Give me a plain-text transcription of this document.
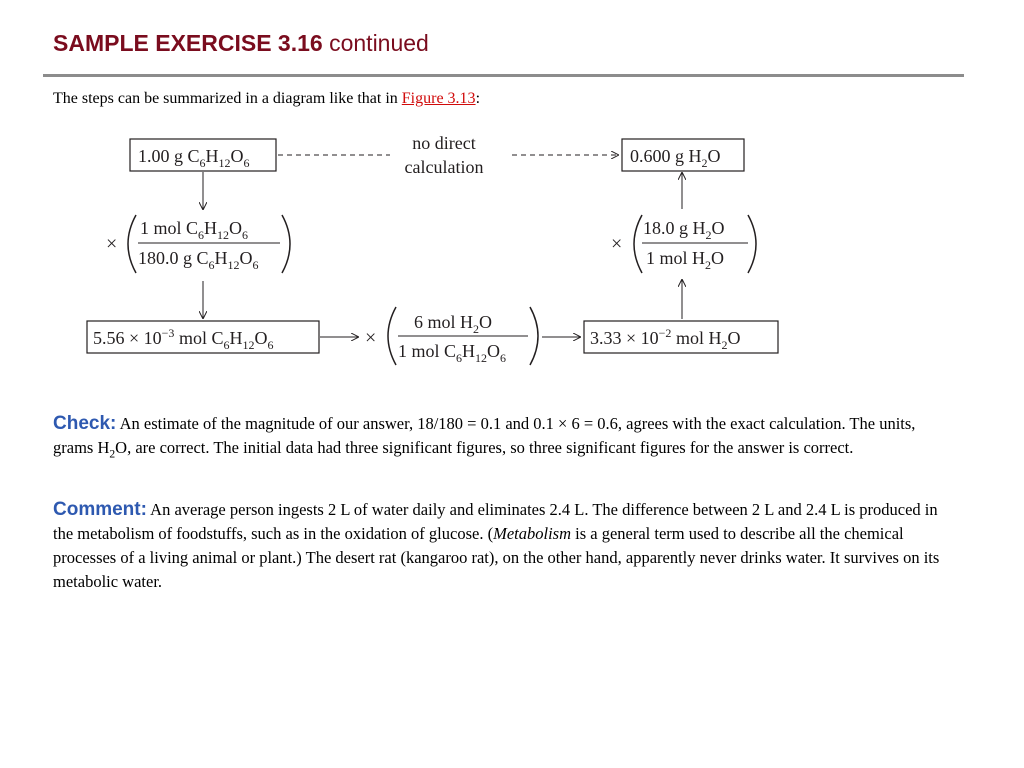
SAMPLE EXERCISE 3.16 continued
The steps can be summarized in a diagram like that in Figure 3.13:
1.00 g $C_6H_{12}O_6$
no direct
calculation
0.600 g $H_2O$
×
1 mol $C_6H_{12}O_6$
180.0 g $C_6H_{12}O_6$
$5.56 \times 10^{-3}$ mol $C_6H_{12}O_6$	×
6 mol $H_2O$
1 mol $C_6H_{12}O_6$
$3.33 \times 10^{-2}$ mol $H_2O$
×
18.0 g $H_2O$
1 mol $H_2O$
Check: An estimate of the magnitude of our answer, 18/180 = 0.1 and 0.1 × 6 = 0.6, agrees with the exact calculation. The units, grams $H_2O$, are correct. The initial data had three significant figures, so three significant figures for the answer is correct.
Comment: An average person ingests 2 L of water daily and eliminates 2.4 L. The difference between 2 L and 2.4 L is produced in the metabolism of foodstuffs, such as in the oxidation of glucose. (Metabolism is a general term used to describe all the chemical processes of a living animal or plant.) The desert rat (kangaroo rat), on the other hand, apparently never drinks water. It survives on its metabolic water.
